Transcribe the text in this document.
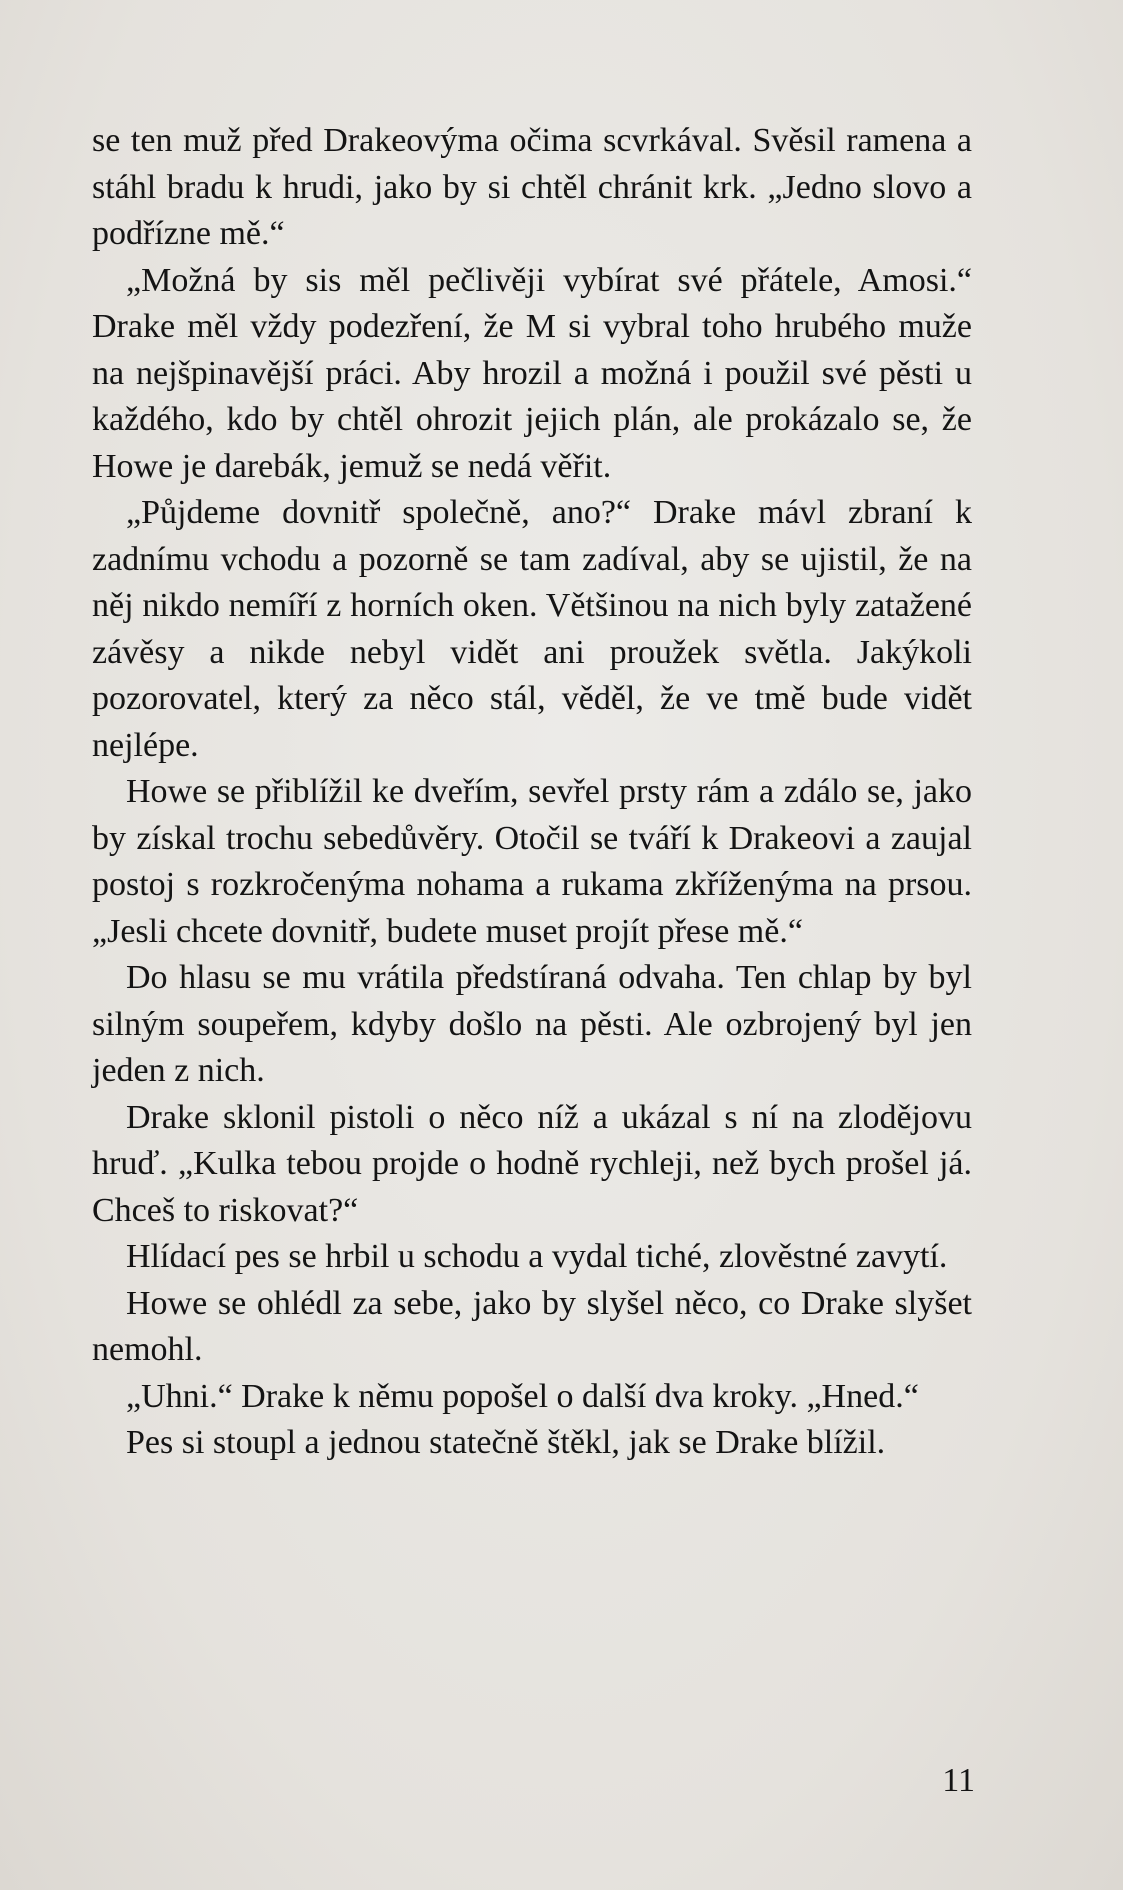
se ten muž před Drakeovýma očima scvrkával. Svěsil ramena a stáhl bradu k hrudi, jako by si chtěl chránit krk. „Jedno slovo a podřízne mě.“

„Možná by sis měl pečlivěji vybírat své přátele, Amosi.“ Drake měl vždy podezření, že M si vybral toho hrubého muže na nejšpinavější práci. Aby hrozil a možná i použil své pěsti u každého, kdo by chtěl ohrozit jejich plán, ale prokázalo se, že Howe je darebák, jemuž se nedá věřit.

„Půjdeme dovnitř společně, ano?“ Drake mávl zbraní k zadnímu vchodu a pozorně se tam zadíval, aby se ujistil, že na něj nikdo nemíří z horních oken. Většinou na nich byly zatažené závěsy a nikde nebyl vidět ani proužek světla. Jakýkoli pozorovatel, který za něco stál, věděl, že ve tmě bude vidět nejlépe.

Howe se přiblížil ke dveřím, sevřel prsty rám a zdálo se, jako by získal trochu sebedůvěry. Otočil se tváří k Drakeovi a zaujal postoj s rozkročenýma nohama a rukama zkříženýma na prsou. „Jesli chcete dovnitř, budete muset projít přese mě.“

Do hlasu se mu vrátila předstíraná odvaha. Ten chlap by byl silným soupeřem, kdyby došlo na pěsti. Ale ozbrojený byl jen jeden z nich.

Drake sklonil pistoli o něco níž a ukázal s ní na zlodějovu hruď. „Kulka tebou projde o hodně rychleji, než bych prošel já. Chceš to riskovat?“

Hlídací pes se hrbil u schodu a vydal tiché, zlověstné zavytí.

Howe se ohlédl za sebe, jako by slyšel něco, co Drake slyšet nemohl.

„Uhni.“ Drake k němu popošel o další dva kroky. „Hned.“

Pes si stoupl a jednou statečně štěkl, jak se Drake blížil.

11
